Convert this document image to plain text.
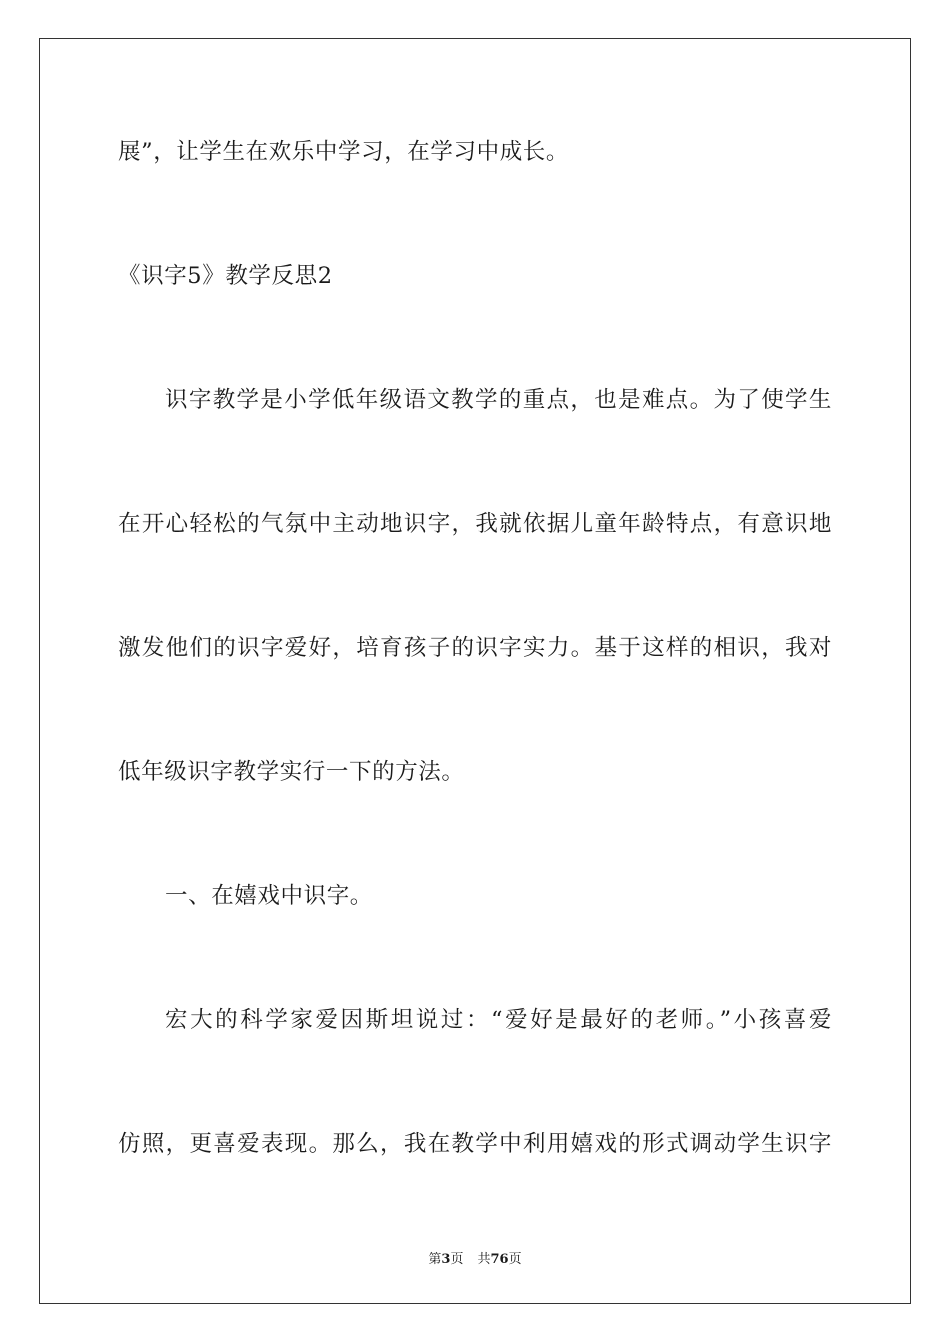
展”，让学生在欢乐中学习，在学习中成长。
《识字5》教学反思2
识字教学是小学低年级语文教学的重点，也是难点。为了使学生
在开心轻松的气氛中主动地识字，我就依据儿童年龄特点，有意识地
激发他们的识字爱好，培育孩子的识字实力。基于这样的相识，我对
低年级识字教学实行一下的方法。
一、在嬉戏中识字。
宏大的科学家爱因斯坦说过：“爱好是最好的老师。”小孩喜爱
仿照，更喜爱表现。那么，我在教学中利用嬉戏的形式调动学生识字
第3页 共76页
